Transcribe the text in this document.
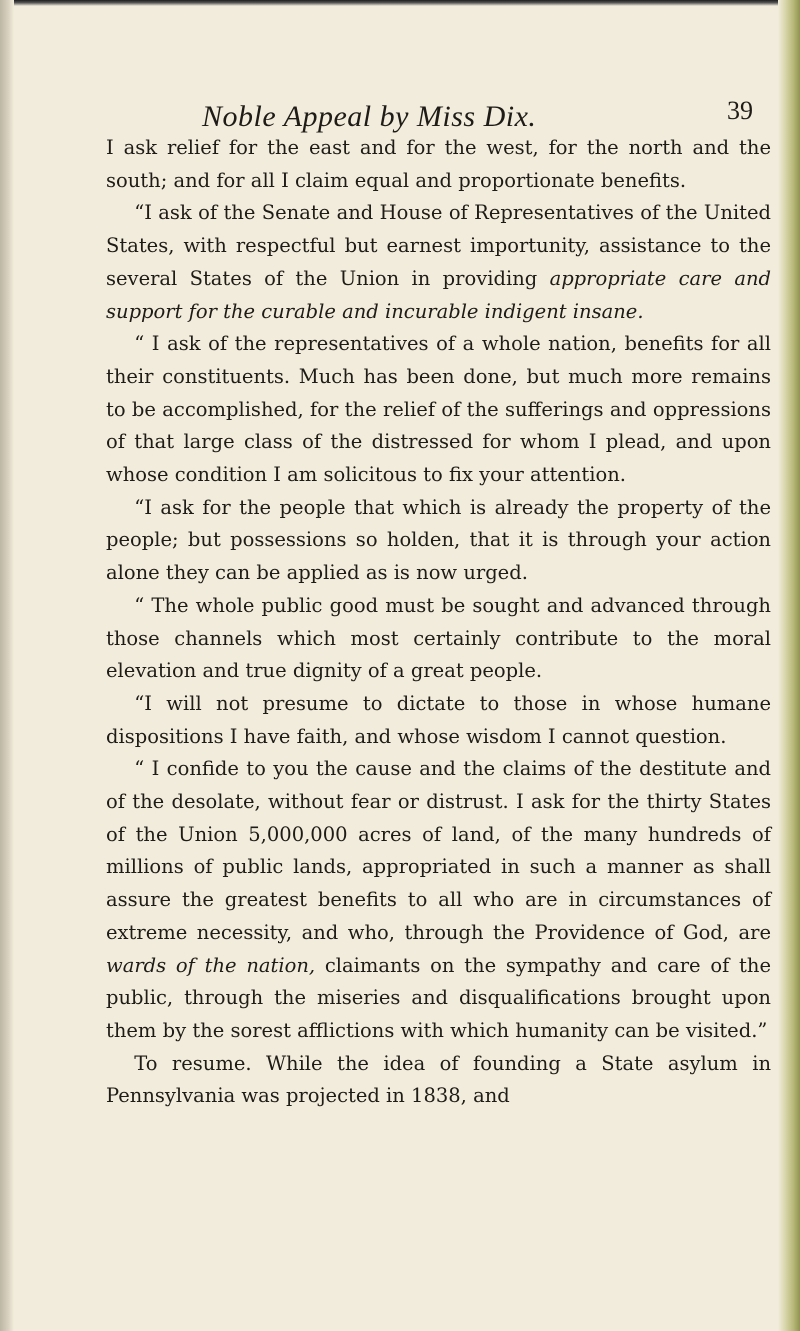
Noble Appeal by Miss Dix.	39

I ask relief for the east and for the west, for the north and the south; and for all I claim equal and proportionate benefits.

“I ask of the Senate and House of Representatives of the United States, with respectful but earnest importunity, assistance to the several States of the Union in providing appropriate care and support for the curable and incurable indigent insane.

“ I ask of the representatives of a whole nation, benefits for all their constituents. Much has been done, but much more remains to be accomplished, for the relief of the sufferings and oppressions of that large class of the distressed for whom I plead, and upon whose condition I am solicitous to fix your attention.

“I ask for the people that which is already the property of the people; but possessions so holden, that it is through your action alone they can be applied as is now urged.

“ The whole public good must be sought and advanced through those channels which most certainly contribute to the moral elevation and true dignity of a great people.

“I will not presume to dictate to those in whose humane dispositions I have faith, and whose wisdom I cannot question.

“ I confide to you the cause and the claims of the destitute and of the desolate, without fear or distrust. I ask for the thirty States of the Union 5,000,000 acres of land, of the many hundreds of millions of public lands, appropriated in such a manner as shall assure the greatest benefits to all who are in circumstances of extreme necessity, and who, through the Providence of God, are wards of the nation, claimants on the sympathy and care of the public, through the miseries and disqualifications brought upon them by the sorest afflictions with which humanity can be visited.”

To resume. While the idea of founding a State asylum in Pennsylvania was projected in 1838, and
